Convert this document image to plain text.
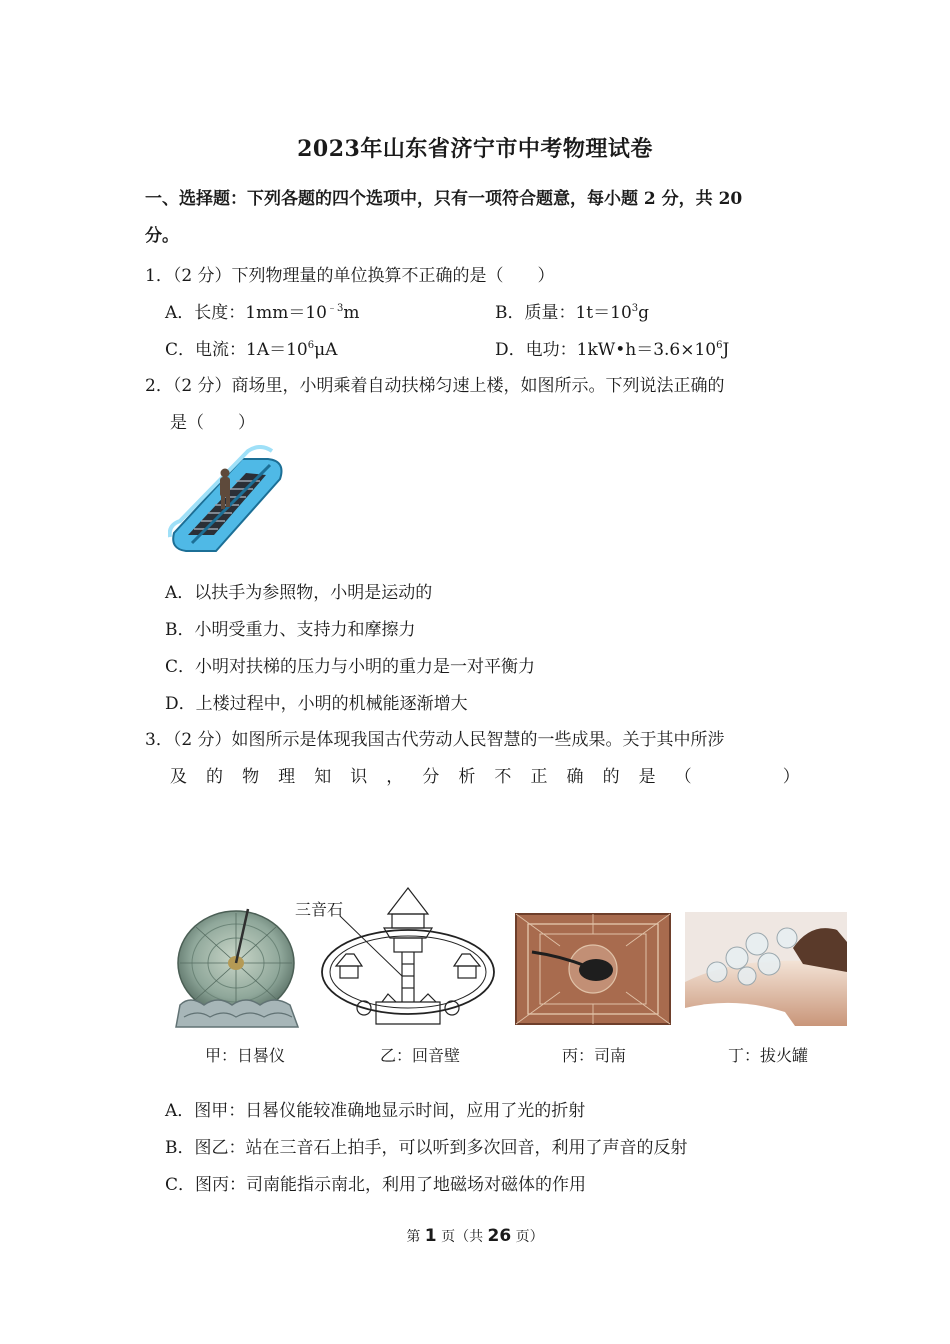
2023年山东省济宁市中考物理试卷
一、选择题：下列各题的四个选项中，只有一项符合题意，每小题 2 分，共 20
分。
1．（2 分）下列物理量的单位换算不正确的是（　　）
A．长度：$1mm=10^{﹣3}m$	B．质量：$1t=10^3g$
C．电流：$1A=10^6\mu A$	D．电功：$1kW•h=3.6\times 10^6J$
2．（2 分）商场里，小明乘着自动扶梯匀速上楼，如图所示。下列说法正确的
是（　　）
A．以扶手为参照物，小明是运动的
B．小明受重力、支持力和摩擦力
C．小明对扶梯的压力与小明的重力是一对平衡力
D．上楼过程中，小明的机械能逐渐增大
3．（2 分）如图所示是体现我国古代劳动人民智慧的一些成果。关于其中所涉
及 的 物 理 知 识 ， 分 析 不 正 确 的 是 （

　	）
三音石
甲：日晷仪	乙：回音壁	丙：司南	丁：拔火罐
A．图甲：日晷仪能较准确地显示时间，应用了光的折射
B．图乙：站在三音石上拍手，可以听到多次回音，利用了声音的反射
C．图丙：司南能指示南北，利用了地磁场对磁体的作用
第 1 页（共 26 页）
